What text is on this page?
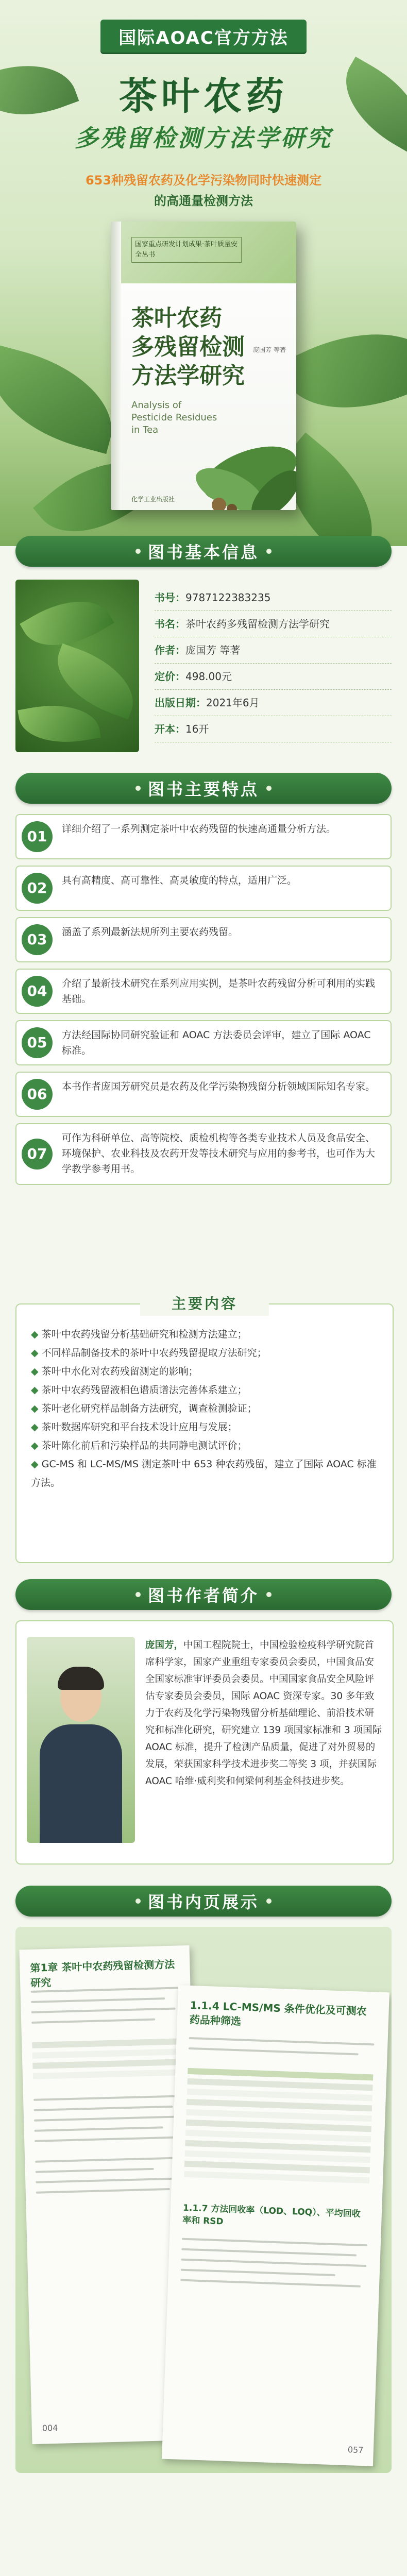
国际AOAC官方方法
茶叶农药
多残留检测方法学研究
653种残留农药及化学污染物同时快速测定
的高通量检测方法
国家重点研发计划成果·茶叶质量安全丛书
茶叶农药
多残留检测
方法学研究
庞国芳 等著
Analysis of
Pesticide Residues
in Tea
化学工业出版社
图书基本信息
书号：9787122383235
书名：茶叶农药多残留检测方法学研究
作者：庞国芳 等著
定价：498.00元
出版日期：2021年6月
开本：16开
图书主要特点
01	详细介绍了一系列测定茶叶中农药残留的快速高通量分析方法。
02	具有高精度、高可靠性、高灵敏度的特点，适用广泛。
03	涵盖了系列最新法规所列主要农药残留。
04	介绍了最新技术研究在系列应用实例，是茶叶农药残留分析可利用的实践基础。
05	方法经国际协同研究验证和 AOAC 方法委员会评审，建立了国际 AOAC 标准。
06	本书作者庞国芳研究员是农药及化学污染物残留分析领域国际知名专家。
07
可作为科研单位、高等院校、质检机构等各类专业技术人员及食品安全、环境保护、农业科技及农药开发等技术研究与应用的参考书，也可作为大学教学参考用书。
主要内容
◆ 茶叶中农药残留分析基础研究和检测方法建立；
◆ 不同样品制备技术的茶叶中农药残留提取方法研究；
◆ 茶叶中水化对农药残留测定的影响；
◆ 茶叶中农药残留液相色谱质谱法完善体系建立；
◆ 茶叶老化研究样品制备方法研究，调查检测验证；
◆ 茶叶数据库研究和平台技术设计应用与发展；
◆ 茶叶陈化前后和污染样品的共同静电测试评价；
◆ GC-MS 和 LC-MS/MS 测定茶叶中 653 种农药残留，建立了国际 AOAC 标准方法。
图书作者简介
庞国芳，中国工程院院士，中国检验检疫科学研究院首席科学家，国家产业重组专家委员会委员，中国食品安全国家标准审评委员会委员。中国国家食品安全风险评估专家委员会委员，国际 AOAC 资深专家。30 多年致力于农药及化学污染物残留分析基础理论、前沿技术研究和标准化研究，研究建立 139 项国家标准和 3 项国际 AOAC 标准，提升了检测产品质量，促进了对外贸易的发展，荣获国家科学技术进步奖二等奖 3 项，并获国际 AOAC 哈维·威利奖和何梁何利基金科技进步奖。
图书内页展示
第1章 茶叶中农药残留检测方法研究
004
1.1.4 LC-MS/MS 条件优化及可测农药品种筛选
1.1.7 方法回收率（LOD、LOQ）、平均回收率和 RSD
057
